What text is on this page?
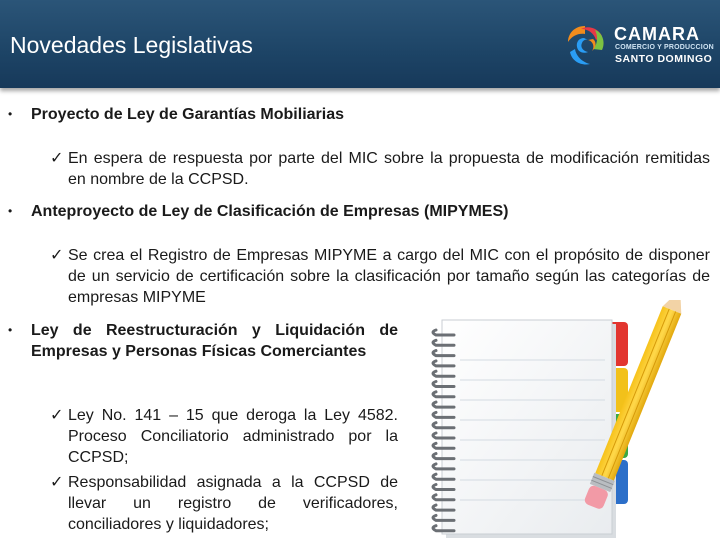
Novedades Legislativas	CAMARA
COMERCIO Y PRODUCCION
SANTO DOMINGO
•	Proyecto de Ley de Garantías Mobiliarias
✓ En espera de respuesta por parte del MIC sobre la propuesta de modificación remitidas en nombre de la CCPSD.
•	Anteproyecto de Ley de Clasificación de Empresas (MIPYMES)
✓ Se crea el Registro de Empresas MIPYME a cargo del MIC con el propósito de disponer de un servicio de certificación sobre la clasificación por tamaño según las categorías de empresas MIPYME
•	Ley de Reestructuración y Liquidación de Empresas y Personas Físicas Comerciantes
✓ Ley No. 141 – 15 que deroga la Ley 4582. Proceso Conciliatorio administrado por la CCPSD;
✓ Responsabilidad asignada a la CCPSD de llevar un registro de verificadores, conciliadores y liquidadores;
